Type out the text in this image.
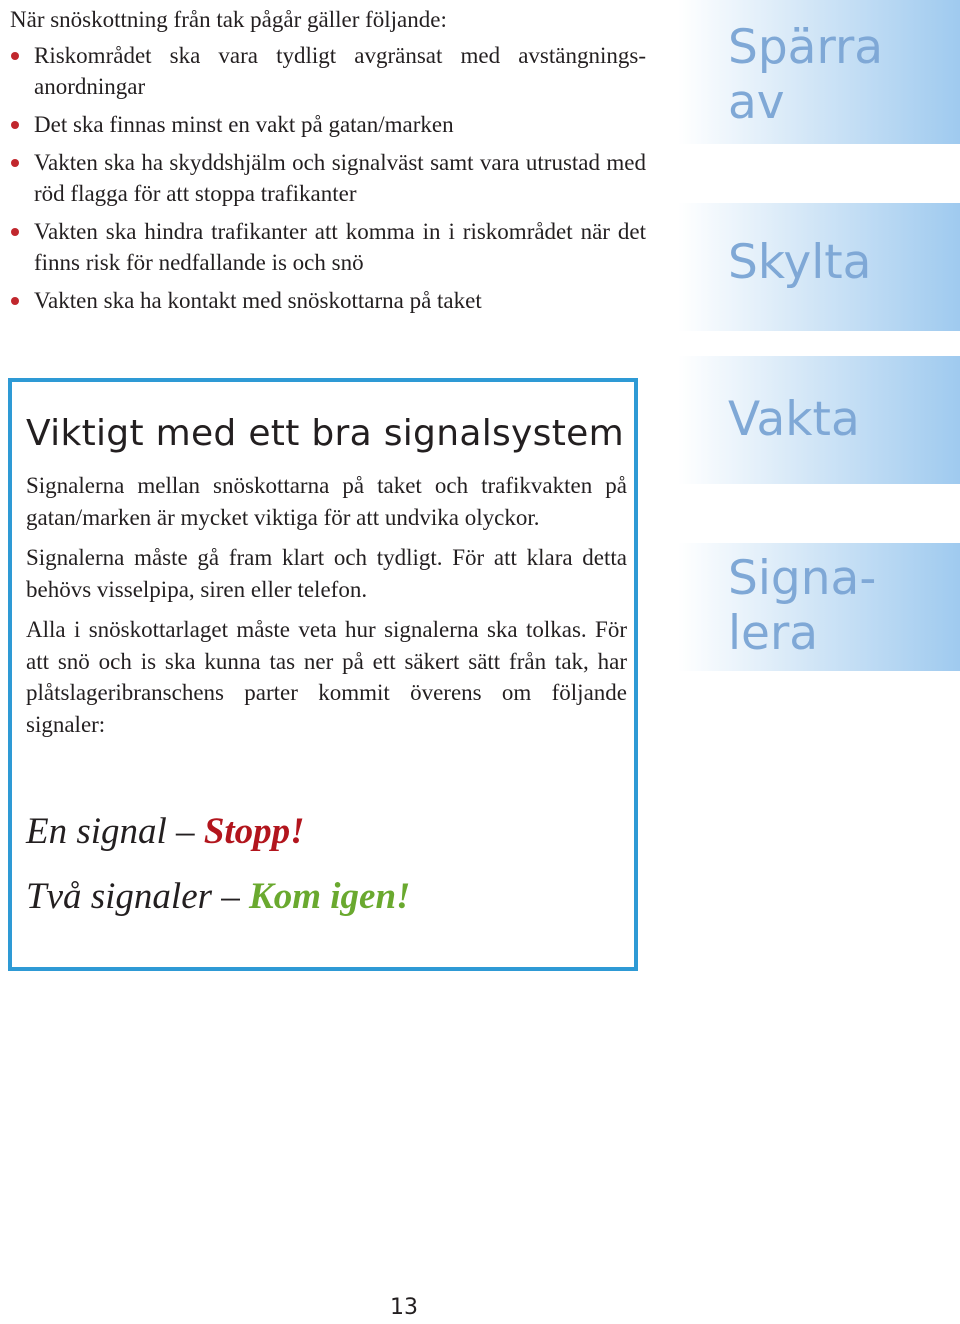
När snöskottning från tak pågår gäller följande:

Riskområdet ska vara tydligt avgränsat med avstängningsanordningar
Det ska finnas minst en vakt på gatan/marken
Vakten ska ha skyddshjälm och signalväst samt vara utrustad med röd flagga för att stoppa trafikanter
Vakten ska hindra trafikanter att komma in i riskområdet när det finns risk för nedfallande is och snö
Vakten ska ha kontakt med snöskottarna på taket
Spärra
av
Skylta
Vakta
Signa-
lera
Viktigt med ett bra signalsystem

Signalerna mellan snöskottarna på taket och trafikvakten på gatan/marken är mycket viktiga för att undvika olyckor.

Signalerna måste gå fram klart och tydligt. För att klara detta behövs visselpipa, siren eller telefon.

Alla i snöskottarlaget måste veta hur signalerna ska tolkas. För att snö och is ska kunna tas ner på ett säkert sätt från tak, har plåtslageribranschens parter kommit överens om följande signaler:

En signal – Stopp!

Två signaler – Kom igen!

13
